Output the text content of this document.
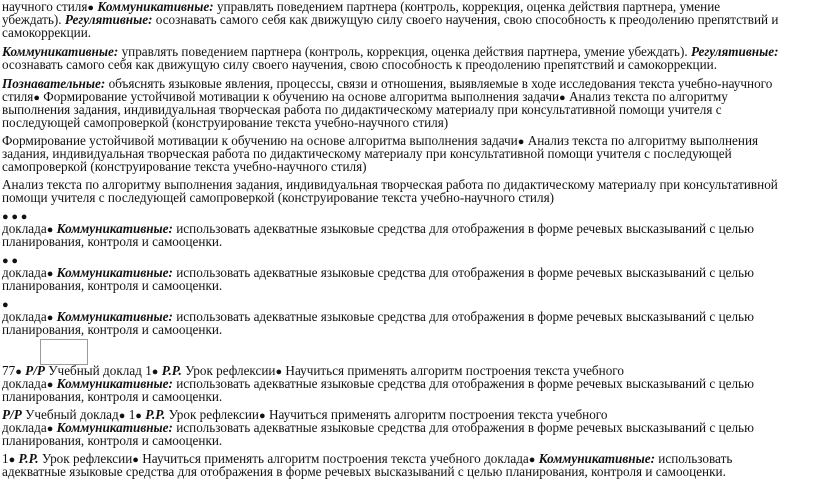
научного стиля● Коммуникативные: управлять поведением партнера (контроль, коррекция, оценка действия партнера, умение
убеждать). Регулятивные: осознавать самого себя как движущую силу своего научения, свою способность к преодолению препятствий и
самокоррекции.
Коммуникативные: управлять поведением партнера (контроль, коррекция, оценка действия партнера, умение убеждать). Регулятивные:
осознавать самого себя как движущую силу своего научения, свою способность к преодолению препятствий и самокоррекции.
Познавательные: объяснять языковые явления, процессы, связи и отношения, выявляемые в ходе исследования текста учебно-научного
стиля● Формирование устойчивой мотивации к обучению на основе алгоритма выполнения задачи● Анализ текста по алгоритму
выполнения задания, индивидуальная творческая работа по дидактическому материалу при консультативной помощи учителя с
последующей самопроверкой (конструирование текста учебно-научного стиля)
Формирование устойчивой мотивации к обучению на основе алгоритма выполнения задачи● Анализ текста по алгоритму выполнения
задания, индивидуальная творческая работа по дидактическому материалу при консультативной помощи учителя с последующей
самопроверкой (конструирование текста учебно-научного стиля)
Анализ текста по алгоритму выполнения задания, индивидуальная творческая работа по дидактическому материалу при консультативной
помощи учителя с последующей самопроверкой (конструирование текста учебно-научного стиля)
● ● ●
доклада● Коммуникативные: использовать адекватные языковые средства для отображения в форме речевых высказываний с целью
планирования, контроля и самооценки.
● ●
доклада● Коммуникативные: использовать адекватные языковые средства для отображения в форме речевых высказываний с целью
планирования, контроля и самооценки.
●
доклада● Коммуникативные: использовать адекватные языковые средства для отображения в форме речевых высказываний с целью
планирования, контроля и самооценки.
77● Р/Р Учебный доклад 1● Р.Р. Урок рефлексии● Научиться применять алгоритм построения текста учебного
доклада● Коммуникативные: использовать адекватные языковые средства для отображения в форме речевых высказываний с целью
планирования, контроля и самооценки.
Р/Р Учебный доклад● 1● Р.Р. Урок рефлексии● Научиться применять алгоритм построения текста учебного
доклада● Коммуникативные: использовать адекватные языковые средства для отображения в форме речевых высказываний с целью
планирования, контроля и самооценки.
1● Р.Р. Урок рефлексии● Научиться применять алгоритм построения текста учебного доклада● Коммуникативные: использовать
адекватные языковые средства для отображения в форме речевых высказываний с целью планирования, контроля и самооценки.
